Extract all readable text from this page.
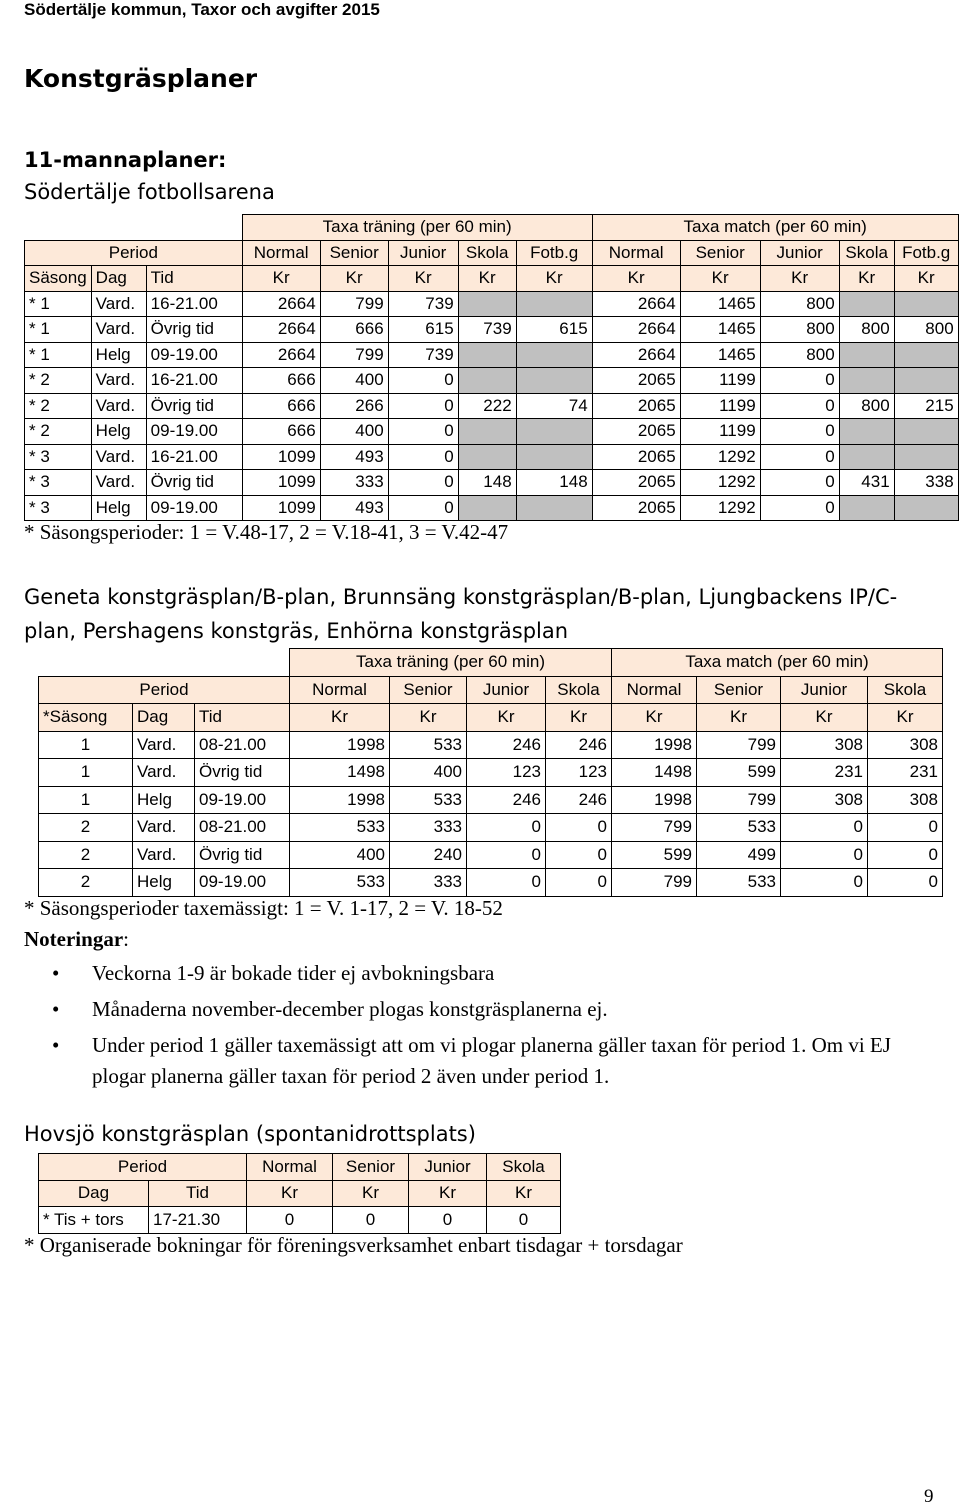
Södertälje kommun, Taxor och avgifter 2015
Konstgräsplaner
11-mannaplaner:
Södertälje fotbollsarena
			Taxa träning (per 60 min)					Taxa match (per 60 min)				
Period			Normal	Senior	Junior	Skola	Fotb.g	Normal	Senior	Junior	Skola	Fotb.g
Säsong	Dag	Tid	Kr	Kr	Kr	Kr	Kr	Kr	Kr	Kr	Kr	Kr
* 1	Vard.	16-21.00	2664	799	739			2664	1465	800		
* 1	Vard.	Övrig tid	2664	666	615	739	615	2664	1465	800	800	800
* 1	Helg	09-19.00	2664	799	739			2664	1465	800		
* 2	Vard.	16-21.00	666	400	0			2065	1199	0		
* 2	Vard.	Övrig tid	666	266	0	222	74	2065	1199	0	800	215
* 2	Helg	09-19.00	666	400	0			2065	1199	0		
* 3	Vard.	16-21.00	1099	493	0			2065	1292	0		
* 3	Vard.	Övrig tid	1099	333	0	148	148	2065	1292	0	431	338
* 3	Helg	09-19.00	1099	493	0			2065	1292	0		
* Säsongsperioder: 1 = V.48-17, 2 = V.18-41, 3 = V.42-47
Geneta konstgräsplan/B-plan, Brunnsäng konstgräsplan/B-plan, Ljungbackens IP/C-plan, Pershagens konstgräs, Enhörna konstgräsplan
			Taxa träning (per 60 min)				Taxa match (per 60 min)			
Period			Normal	Senior	Junior	Skola	Normal	Senior	Junior	Skola
*Säsong	Dag	Tid	Kr	Kr	Kr	Kr	Kr	Kr	Kr	Kr
1	Vard.	08-21.00	1998	533	246	246	1998	799	308	308
1	Vard.	Övrig tid	1498	400	123	123	1498	599	231	231
1	Helg	09-19.00	1998	533	246	246	1998	799	308	308
2	Vard.	08-21.00	533	333	0	0	799	533	0	0
2	Vard.	Övrig tid	400	240	0	0	599	499	0	0
2	Helg	09-19.00	533	333	0	0	799	533	0	0
* Säsongsperioder taxemässigt: 1 = V. 1-17, 2 = V. 18-52
Noteringar:
• Veckorna 1-9 är bokade tider ej avbokningsbara
• Månaderna november-december plogas konstgräsplanerna ej.
• Under period 1 gäller taxemässigt att om vi plogar planerna gäller taxan för period 1. Om vi EJ plogar planerna gäller taxan för period 2 även under period 1.
Hovsjö konstgräsplan (spontanidrottsplats)
Period		Normal	Senior	Junior	Skola
Dag	Tid	Kr	Kr	Kr	Kr
* Tis + tors	17-21.30	0	0	0	0
* Organiserade bokningar för föreningsverksamhet enbart tisdagar + torsdagar
9
